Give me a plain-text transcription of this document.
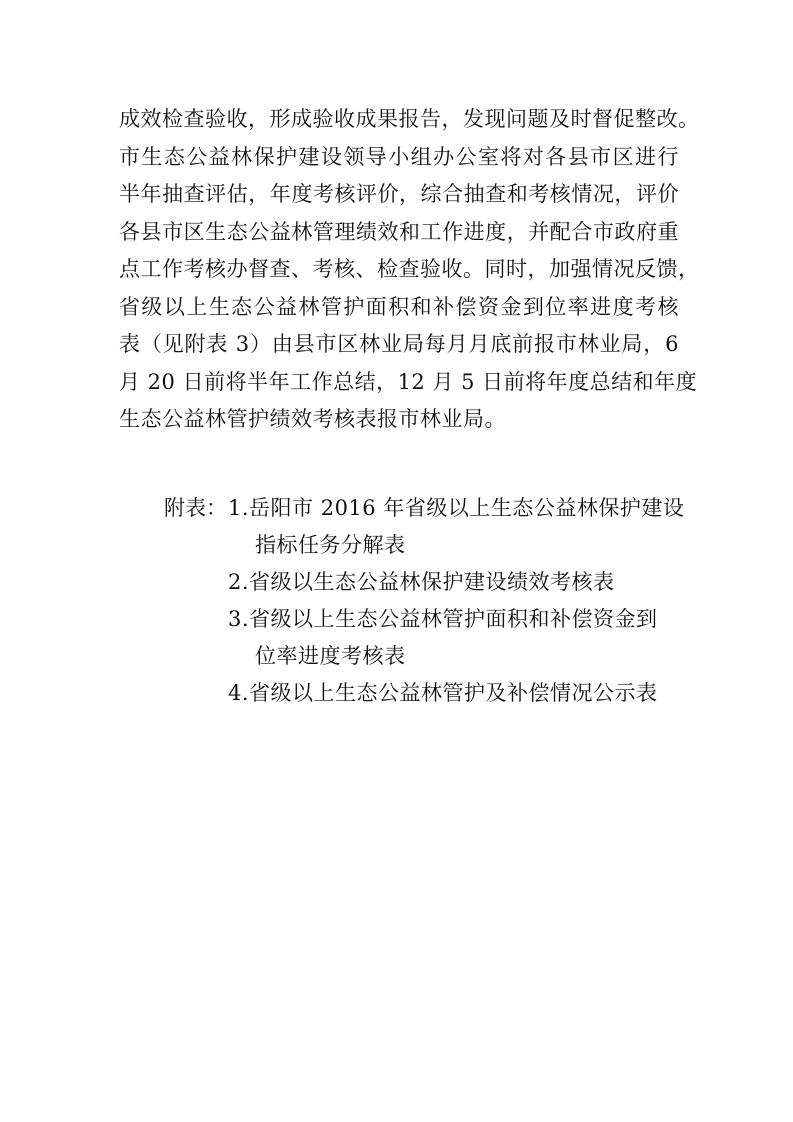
成效检查验收，形成验收成果报告，发现问题及时督促整改。
市生态公益林保护建设领导小组办公室将对各县市区进行
半年抽查评估，年度考核评价，综合抽查和考核情况，评价
各县市区生态公益林管理绩效和工作进度，并配合市政府重
点工作考核办督查、考核、检查验收。同时，加强情况反馈，
省级以上生态公益林管护面积和补偿资金到位率进度考核
表（见附表 3）由县市区林业局每月月底前报市林业局，6
月 20 日前将半年工作总结，12 月 5 日前将年度总结和年度
生态公益林管护绩效考核表报市林业局。
附表： 1.岳阳市 2016 年省级以上生态公益林保护建设
指标任务分解表
2.省级以生态公益林保护建设绩效考核表
3.省级以上生态公益林管护面积和补偿资金到
位率进度考核表
4.省级以上生态公益林管护及补偿情况公示表
